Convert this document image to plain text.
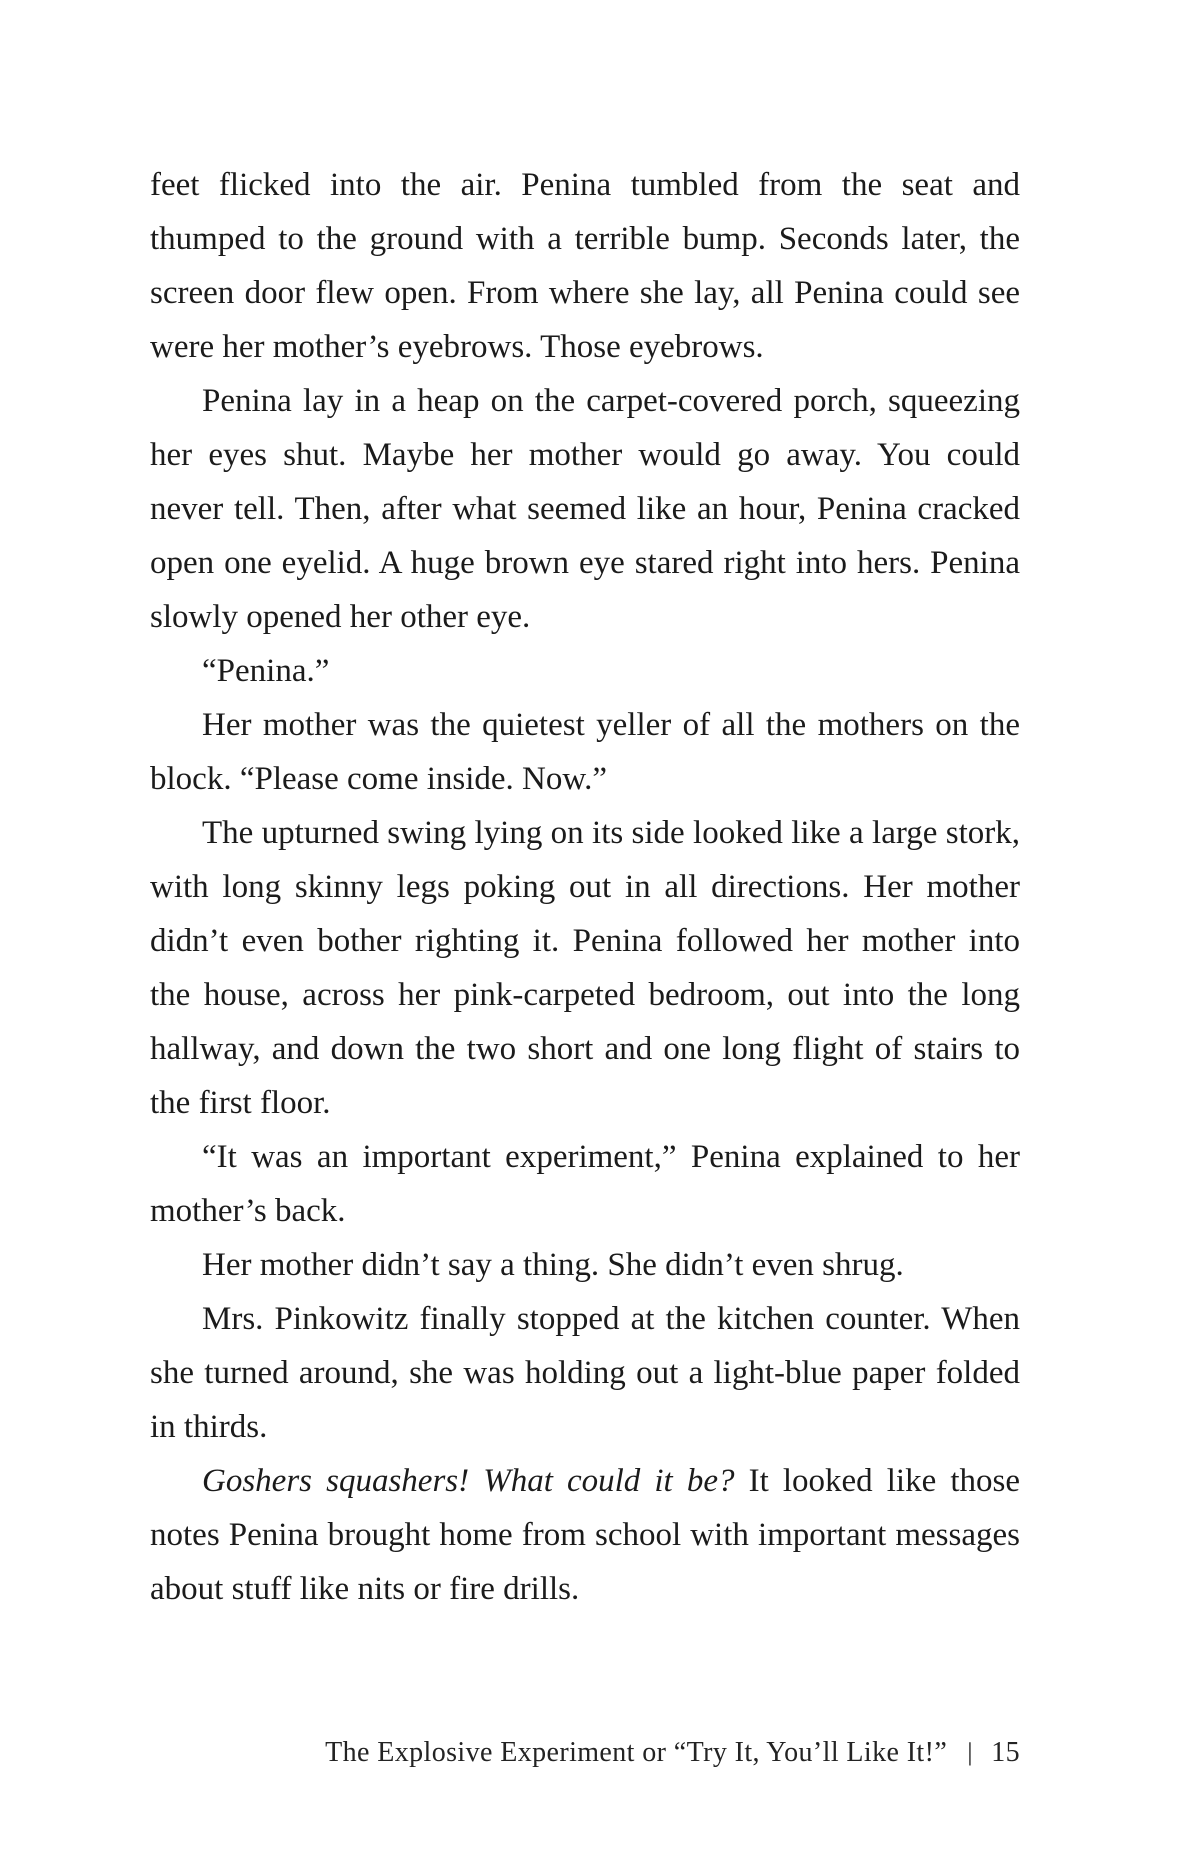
feet flicked into the air. Penina tumbled from the seat and thumped to the ground with a terrible bump. Seconds later, the screen door flew open. From where she lay, all Penina could see were her mother’s eyebrows. Those eyebrows.

Penina lay in a heap on the carpet-covered porch, squeezing her eyes shut. Maybe her mother would go away. You could never tell. Then, after what seemed like an hour, Penina cracked open one eyelid. A huge brown eye stared right into hers. Penina slowly opened her other eye.

“Penina.”

Her mother was the quietest yeller of all the mothers on the block. “Please come inside. Now.”

The upturned swing lying on its side looked like a large stork, with long skinny legs poking out in all directions. Her mother didn’t even bother righting it. Penina followed her mother into the house, across her pink-carpeted bedroom, out into the long hallway, and down the two short and one long flight of stairs to the first floor.

“It was an important experiment,” Penina explained to her mother’s back.

Her mother didn’t say a thing. She didn’t even shrug.

Mrs. Pinkowitz finally stopped at the kitchen counter. When she turned around, she was holding out a light-blue paper folded in thirds.

Goshers squashers! What could it be? It looked like those notes Penina brought home from school with important messages about stuff like nits or fire drills.

The Explosive Experiment or “Try It, You’ll Like It!” | 15
